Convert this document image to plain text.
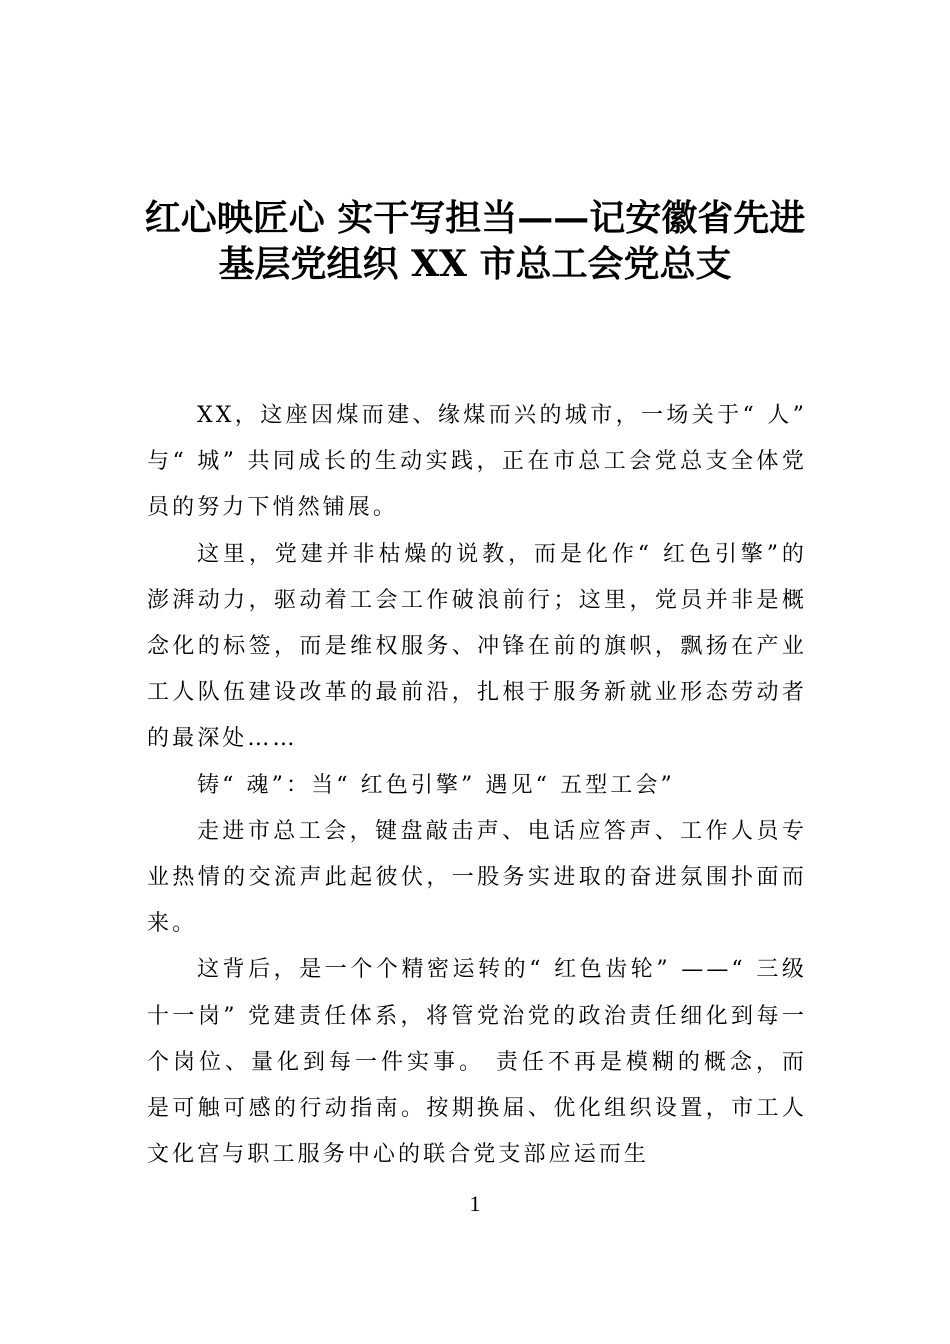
红心映匠心 实干写担当——记安徽省先进
基层党组织 XX 市总工会党总支

XX，这座因煤而建、缘煤而兴的城市，一场关于“ 人” 与“ 城” 共同成长的生动实践，正在市总工会党总支全体党员的努力下悄然铺展。

这里，党建并非枯燥的说教，而是化作“ 红色引擎”的澎湃动力，驱动着工会工作破浪前行；这里，党员并非是概念化的标签，而是维权服务、冲锋在前的旗帜，飘扬在产业工人队伍建设改革的最前沿，扎根于服务新就业形态劳动者的最深处……

铸“ 魂”：当“ 红色引擎” 遇见“ 五型工会”

走进市总工会，键盘敲击声、电话应答声、工作人员专业热情的交流声此起彼伏，一股务实进取的奋进氛围扑面而来。

这背后，是一个个精密运转的“ 红色齿轮” ——“ 三级十一岗” 党建责任体系，将管党治党的政治责任细化到每一个岗位、量化到每一件实事。 责任不再是模糊的概念，而是可触可感的行动指南。按期换届、优化组织设置，市工人文化宫与职工服务中心的联合党支部应运而生

1
